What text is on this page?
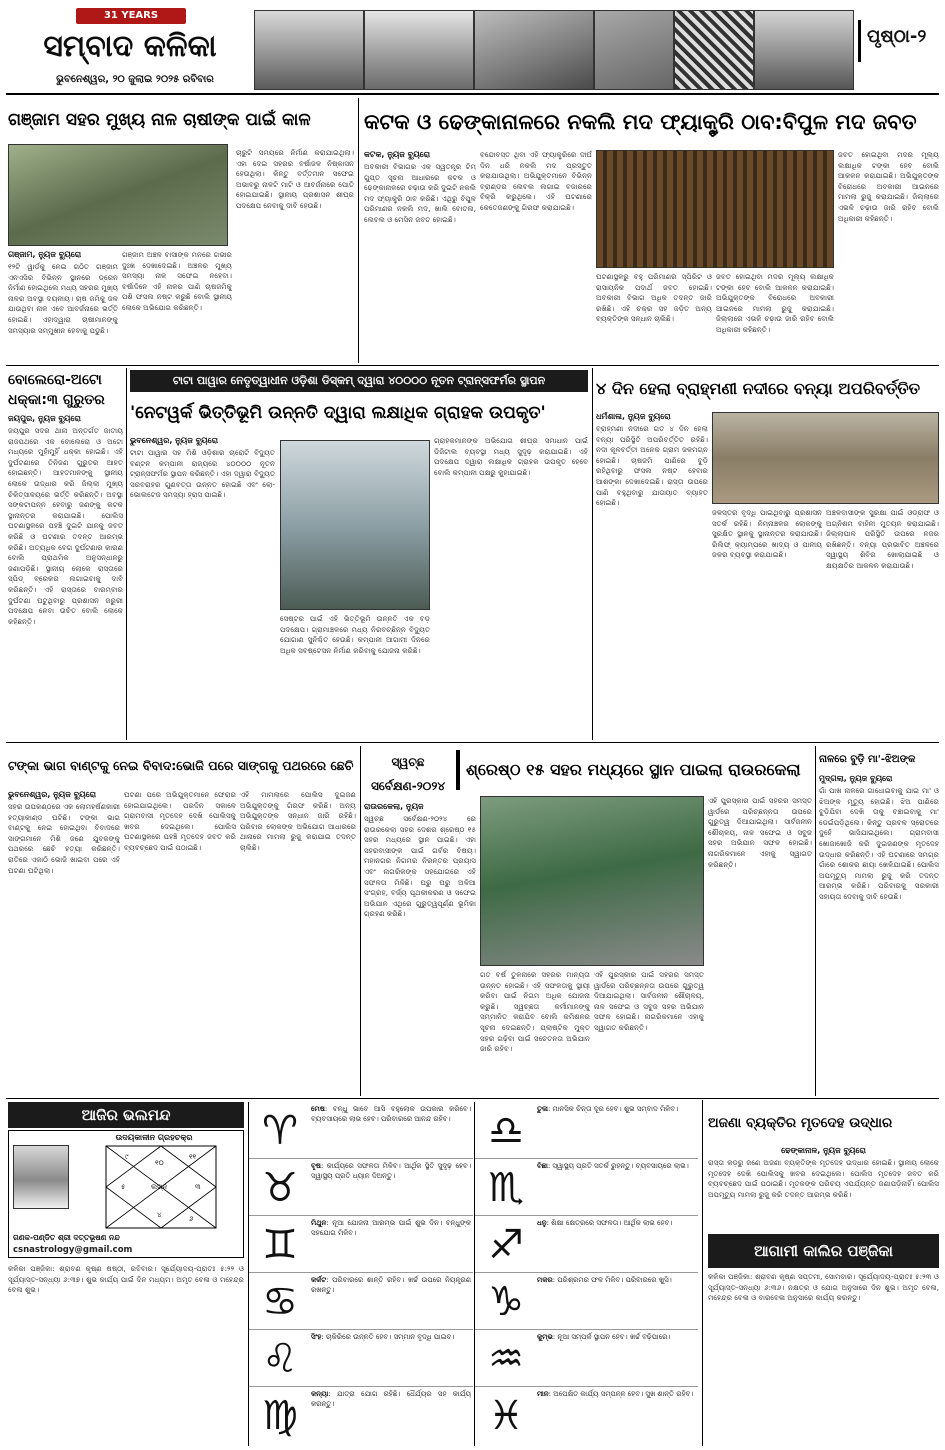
31 YEARS
ସମ୍ବାଦ କଳିକା
ଭୁବନେଶ୍ୱର, ୨୦ ଜୁଲାଇ ୨୦୨୫ ରବିବାର
ପୃଷ୍ଠା-୨
ଗଞ୍ଜାମ ସହର ମୁଖ୍ୟ ନାଳ ଚାଷୀଙ୍କ ପାଇଁ କାଳ
ଗଞ୍ଜାମ, ନ୍ୟୁଜ ବ୍ୟୁରୋ
୧୨ଟି ୱାର୍ଡକୁ ନେଇ ଗଠିତ ଗଞ୍ଜାମ ଏନଏସିର ବିଭିନ୍ନ ସ୍ଥାନରେ ଡ୍ରେନ ନିର୍ମାଣ ହୋଇଥିଲେ ମଧ୍ୟ ସହରର ମୁଖ୍ୟ ନାଳର ଅବସ୍ଥା ଦୟନୀୟ। ଚାଷ ଜମିକୁ ଜଳ ଯାଉଥିବା ନାଳ ଏବେ ଆବର୍ଜନାରେ ଭର୍ତ୍ତି ହୋଇଛି। ଏହାଦ୍ୱାରା ଚାଷୀମାନଙ୍କୁ ସମସ୍ୟାର ସମ୍ମୁଖୀନ ହେବାକୁ ପଡୁଛି।
ଗଞ୍ଜାମ ଅଞ୍ଚଳ ବାସୀଙ୍କ ମନରେ ଗଭୀର ଦୁଃଖ ଦେଖାଦେଇଛି। ଅଞ୍ଚଳର ମୁଖ୍ୟ ସମସ୍ୟା ନାଳ ସଫେଇ ନହେବା। ବର୍ଷାଦିନେ ଏହି ନାଳର ପାଣି ଚାଷଜମିକୁ ପଶି ଫସଲ ନଷ୍ଟ କରୁଛି ବୋଲି ସ୍ଥାନୀୟ ଲୋକେ ଅଭିଯୋଗ କରିଛନ୍ତି।
ଚାରୁଟି ସମୟରେ ନିର୍ମାଣ କରାଯାଇଥିଲା। ଏହା ଦେଇ ସହରର ବର୍ଷାଜଳ ନିଷ୍କାସନ ହେଉଥିଲା। କିନ୍ତୁ ବର୍ତ୍ତମାନ ସଫେଇ ଅଭାବରୁ ନାଳଟି ମାଟି ଓ ଆବର୍ଜନାରେ ପୋତି ହୋଇଯାଇଛି। ସ୍ଥାନୀୟ ପ୍ରଶାସନ ଶୀଘ୍ର ପଦକ୍ଷେପ ନେବାକୁ ଦାବି ହେଉଛି।
କଟକ ଓ ଢେଙ୍କାନାଳରେ ନକଲି ମଦ ଫ୍ୟାକ୍ଟ୍ରି ଠାବ:ବିପୁଳ ମଦ ଜବତ
କଟକ, ନ୍ୟୁଜ ବ୍ୟୁରୋ
ଅବକାରୀ ବିଭାଗର ଏକ ସ୍ୱତନ୍ତ୍ର ଟିମ୍ ଗୁପ୍ତ ସୂଚନା ଆଧାରରେ କଟକ ଓ ଢେଙ୍କାନାଳରେ ଚଢ଼ାଉ କରି ଦୁଇଟି ନକଲି ମଦ ଫ୍ୟାକ୍ଟ୍ରି ଠାବ କରିଛି। ଏଥିରୁ ବିପୁଳ ପରିମାଣର ନକଲି ମଦ, ଖାଲି ବୋତଲ, ଲେବଲ ଓ ମେସିନ ଜବତ ହୋଇଛି।
ବନ୍ଦୋବସ୍ତ ଥିବା ଏହି ଫ୍ୟାକ୍ଟ୍ରିରେ ଦୀର୍ଘ ଦିନ ଧରି ନକଲି ମଦ ପ୍ରସ୍ତୁତ କରାଯାଉଥିଲା। ଅଭିଯୁକ୍ତମାନେ ବିଭିନ୍ନ ବ୍ରାଣ୍ଡର ଲେବଲ ଲଗାଇ ବଜାରରେ ବିକ୍ରି କରୁଥିଲେ। ଏହି ଘଟଣାରେ କେତେଜଣଙ୍କୁ ଗିରଫ କରାଯାଇଛି।
ଘଟଣାସ୍ଥଳରୁ ବହୁ ପରିମାଣର ସ୍ପିରିଟ ଓ ରାସାୟନିକ ପଦାର୍ଥ ଜବତ ହୋଇଛି। ଅବକାରୀ ବିଭାଗ ଅଧିକ ତଦନ୍ତ ଜାରି ରଖିଛି। ଏହି ଚକ୍ର ସହ ଜଡ଼ିତ ଅନ୍ୟ ବ୍ୟକ୍ତିଙ୍କ ସନ୍ଧାନ ଚାଲିଛି।
ଜବତ ହୋଇଥିବା ମଦର ମୂଲ୍ୟ ଲକ୍ଷାଧିକ ଟଙ୍କା ହେବ ବୋଲି ଆକଳନ କରାଯାଇଛି। ଅଭିଯୁକ୍ତଙ୍କ ବିରୋଧରେ ଅବକାରୀ ଆଇନରେ ମାମଲା ରୁଜୁ କରାଯାଇଛି। ଜିଲ୍ଲାରେ ଏଭଳି ଚଢ଼ାଉ ଜାରି ରହିବ ବୋଲି ଅଧିକାରୀ କହିଛନ୍ତି।
ଜବତ ହୋଇଥିବା ମଦର ମୂଲ୍ୟ ଲକ୍ଷାଧିକ ଟଙ୍କା ହେବ ବୋଲି ଆକଳନ କରାଯାଇଛି। ଅଭିଯୁକ୍ତଙ୍କ ବିରୋଧରେ ଅବକାରୀ ଆଇନରେ ମାମଲା ରୁଜୁ କରାଯାଇଛି। ଜିଲ୍ଲାରେ ଏଭଳି ଚଢ଼ାଉ ଜାରି ରହିବ ବୋଲି ଅଧିକାରୀ କହିଛନ୍ତି।
ବୋଲେରୋ-ଅଟୋ ଧକ୍କା:୩ ଗୁରୁତର
ଜୟପୁର, ନ୍ୟୁଜ ବ୍ୟୁରୋ
ଜୟପୁର ସଦର ଥାନା ଅନ୍ତର୍ଗତ ଜାତୀୟ ରାଜପଥରେ ଏକ ବୋଲେରୋ ଓ ଅଟୋ ମଧ୍ୟରେ ମୁହାଁମୁହିଁ ଧକ୍କା ହୋଇଛି। ଏହି ଦୁର୍ଘଟଣାରେ ତିନିଜଣ ଗୁରୁତର ଆହତ ହୋଇଛନ୍ତି। ଆହତମାନଙ୍କୁ ସ୍ଥାନୀୟ ଲୋକେ ଉଦ୍ଧାର କରି ଜିଲ୍ଲା ମୁଖ୍ୟ ଚିକିତ୍ସାଳୟରେ ଭର୍ତ୍ତି କରିଛନ୍ତି। ଅବସ୍ଥା ସଙ୍କଟାପନ୍ନ ହେବାରୁ ଜଣଙ୍କୁ କଟକ ସ୍ଥାନାନ୍ତର କରାଯାଇଛି। ପୋଲିସ ଘଟଣାସ୍ଥଳରେ ପହଞ୍ଚି ଦୁଇଟି ଯାନକୁ ଜବତ କରିଛି ଓ ଘଟଣାର ତଦନ୍ତ ଆରମ୍ଭ କରିଛି। ଅତ୍ୟଧିକ ବେଗ ଦୁର୍ଘଟଣାର କାରଣ ବୋଲି ପ୍ରାଥମିକ ଅନୁସନ୍ଧାନରୁ ଜଣାପଡ଼ିଛି। ସ୍ଥାନୀୟ ଲୋକେ ରାସ୍ତାରେ ସ୍ପିଡ୍ ବ୍ରେକର ଲଗାଇବାକୁ ଦାବି କରିଛନ୍ତି। ଏହି ରାସ୍ତାରେ ବାରମ୍ବାର ଦୁର୍ଘଟଣା ଘଟୁଥିବାରୁ ପ୍ରଶାସନ ଜରୁରୀ ପଦକ୍ଷେପ ନେବା ଉଚିତ ବୋଲି ଲୋକେ କହିଛନ୍ତି।
ଟାଟା ପାୱାର ନେତୃତ୍ୱାଧୀନ ଓଡ଼ିଶା ଡିସ୍କମ୍ ଦ୍ୱାରା ୪୦୦୦୦ ନୂତନ ଟ୍ରାନ୍ସଫର୍ମର ସ୍ଥାପନ
'ନେଟୱର୍କ ଭିତ୍ତିଭୂମି ଉନ୍ନତି ଦ୍ୱାରା ଲକ୍ଷାଧିକ ଗ୍ରାହକ ଉପକୃତ'
ଭୁବନେଶ୍ୱର, ନ୍ୟୁଜ ବ୍ୟୁରୋ
ଟାଟା ପାୱାର ସହ ମିଶି ଓଡ଼ିଶାର ଚାରୋଟି ବିଦ୍ୟୁତ ବଣ୍ଟନ କମ୍ପାନୀ ରାଜ୍ୟରେ ୪୦୦୦୦ ନୂତନ ଟ୍ରାନ୍ସଫର୍ମର ସ୍ଥାପନ କରିଛନ୍ତି। ଏହା ଦ୍ୱାରା ବିଦ୍ୟୁତ ସରବରାହର ଗୁଣବତ୍ତା ଉନ୍ନତ ହୋଇଛି ଏବଂ ଲୋ-ଭୋଲଟେଜ ସମସ୍ୟା ହ୍ରାସ ପାଇଛି।
ସେଷ୍ଟର ପାଇଁ ଏହି ଭିତ୍ତିଭୂମି ଉନ୍ନତି ଏକ ବଡ଼ ପଦକ୍ଷେପ। ଗ୍ରାମାଞ୍ଚଳରେ ମଧ୍ୟ ନିରବଚ୍ଛିନ୍ନ ବିଦ୍ୟୁତ ଯୋଗାଣ ସୁନିଶ୍ଚିତ ହେଉଛି। କମ୍ପାନୀ ଆଗାମୀ ଦିନରେ ଅଧିକ ସବଷ୍ଟେସନ ନିର୍ମାଣ କରିବାକୁ ଯୋଜନା କରିଛି।
ଗ୍ରାହକମାନଙ୍କ ଅଭିଯୋଗ ଶୀଘ୍ର ସମାଧାନ ପାଇଁ ଡିଜିଟାଲ ବ୍ୟବସ୍ଥା ମଧ୍ୟ ସୁଦୃଢ଼ କରାଯାଇଛି। ଏହି ପଦକ୍ଷେପ ଦ୍ୱାରା ଲକ୍ଷାଧିକ ଗ୍ରାହକ ଉପକୃତ ହେବେ ବୋଲି କମ୍ପାନୀ ପକ୍ଷରୁ କୁହାଯାଇଛି।
୪ ଦିନ ହେଲା ବ୍ରାହ୍ମଣୀ ନଦୀରେ ବନ୍ୟା ଅପରିବର୍ତ୍ତିତ
ଧର୍ମଶାଳା, ନ୍ୟୁଜ ବ୍ୟୁରୋ
ବ୍ରାହ୍ମଣୀ ନଦୀରେ ଗତ ୪ ଦିନ ହେଲା ବନ୍ୟା ପରିସ୍ଥିତି ଅପରିବର୍ତ୍ତିତ ରହିଛି। ନଦୀ କୂଳବର୍ତ୍ତୀ ଅନେକ ଗ୍ରାମ ଜଳମଗ୍ନ ହୋଇଛି। ଚାଷଜମି ପାଣିରେ ବୁଡ଼ି ରହିଥିବାରୁ ଫସଲ ନଷ୍ଟ ହେବାର ଆଶଙ୍କା ଦେଖାଦେଇଛି। ରାସ୍ତା ଉପରେ ପାଣି ବହୁଥିବାରୁ ଯାତାୟାତ ବ୍ୟାହତ ହୋଇଛି।
ଜଳସ୍ତର ବୃଦ୍ଧି ପାଇଥିବାରୁ ପ୍ରଶାସନ ସତର୍କ ରହିଛି। ନିମ୍ନାଞ୍ଚଳର ଲୋକଙ୍କୁ ସୁରକ୍ଷିତ ସ୍ଥାନକୁ ସ୍ଥାନାନ୍ତର କରାଯାଉଛି। ରିଲିଫ୍ କ୍ୟାମ୍ପରେ ଖାଦ୍ୟ ଓ ପାନୀୟ ଜଳର ବ୍ୟବସ୍ଥା କରାଯାଇଛି।
ଅଞ୍ଚଳବାସୀଙ୍କ ସୁରକ୍ଷା ପାଇଁ ଓଡ୍ରାଫ ଓ ଅଗ୍ନିଶମ ବାହିନୀ ମୁତୟନ କରାଯାଇଛି। ଜିଲ୍ଲାପାଳ ପରିସ୍ଥିତି ଉପରେ ନଜର ରଖିଛନ୍ତି। ବନ୍ୟା ପ୍ରଭାବିତ ଅଞ୍ଚଳରେ ସ୍ୱାସ୍ଥ୍ୟ ଶିବିର ଖୋଲାଯାଇଛି ଓ କ୍ଷୟକ୍ଷତିର ଆକଳନ କରାଯାଉଛି।
ଟଙ୍କା ଭାଗ ବାଣ୍ଟକୁ ନେଇ ବିବାଦ:ଭୋଜି ପରେ ସାଙ୍ଗକୁ ପଥରରେ ଛେଚି
ଭୁବନେଶ୍ୱର, ନ୍ୟୁଜ ବ୍ୟୁରୋ
ସହର ଉପକଣ୍ଠରେ ଏକ ଲୋମହର୍ଷଣକାରୀ ହତ୍ୟାକାଣ୍ଡ ଘଟିଛି। ଟଙ୍କା ଭାଗ ବାଣ୍ଟକୁ ନେଇ ହୋଇଥିବା ବିବାଦରେ ସାଙ୍ଗମାନେ ମିଶି ଜଣେ ଯୁବକଙ୍କୁ ପଥରରେ ଛେଚି ହତ୍ୟା କରିଛନ୍ତି। ରାତିରେ ଏକାଠି ଭୋଜି ଖାଇବା ପରେ ଏହି ଘଟଣା ଘଟିଥିଲା।
ଘଟଣା ପରେ ଅଭିଯୁକ୍ତମାନେ ଫେରାର ହୋଇଯାଇଥିଲେ। ପରଦିନ ସକାଳେ ଗ୍ରାମବାସୀ ମୃତଦେହ ଦେଖି ପୋଲିସକୁ ଖବର ଦେଇଥିଲେ। ପୋଲିସ ଘଟଣାସ୍ଥଳରେ ପହଞ୍ଚି ମୃତଦେହ ଜବତ କରି ବ୍ୟବଚ୍ଛେଦ ପାଇଁ ପଠାଇଛି।
ଏହି ମାମଲାରେ ପୋଲିସ ଦୁଇଜଣ ଅଭିଯୁକ୍ତଙ୍କୁ ଗିରଫ କରିଛି। ଅନ୍ୟ ଅଭିଯୁକ୍ତଙ୍କ ସନ୍ଧାନ ଜାରି ରହିଛି। ପରିବାର ଲୋକଙ୍କ ଅଭିଯୋଗ ଆଧାରରେ ଥାନାରେ ମାମଲା ରୁଜୁ କରାଯାଇ ତଦନ୍ତ ଚାଲିଛି।
ସ୍ୱଚ୍ଛ ସର୍ବେକ୍ଷଣ-୨୦୨୪
ଶ୍ରେଷ୍ଠ ୧୫ ସହର ମଧ୍ୟରେ ସ୍ଥାନ ପାଇଲା ରାଉରକେଲା
ରାଉରକେଲା, ନ୍ୟୁଜ
ସ୍ୱଚ୍ଛ ସର୍ବେକ୍ଷଣ-୨୦୨୪ ରେ ରାଉରକେଲା ସହର ଦେଶର ଶ୍ରେଷ୍ଠ ୧୫ ସହର ମଧ୍ୟରେ ସ୍ଥାନ ପାଇଛି। ଏହା ସହରବାସୀଙ୍କ ପାଇଁ ଗର୍ବର ବିଷୟ। ମହାନଗର ନିଗମର ନିରନ୍ତର ପ୍ରୟାସ ଏବଂ ନାଗରିକଙ୍କ ସହଯୋଗରେ ଏହି ସଫଳତା ମିଳିଛି। ଘରୁ ଘରୁ ଅଳିଆ ସଂଗ୍ରହ, ବର୍ଜ୍ୟ ପୃଥକୀକରଣ ଓ ସଫେଇ ଅଭିଯାନ ଏଥିରେ ଗୁରୁତ୍ୱପୂର୍ଣ୍ଣ ଭୂମିକା ଗ୍ରହଣ କରିଛି।
ଗତ ବର୍ଷ ତୁଳନାରେ ସହରର ମାନ୍ୟତା ଉନ୍ନତ ହୋଇଛି। ଏହି ସଫଳତାକୁ ସ୍ଥାୟୀ କରିବା ପାଇଁ ନିଗମ ଅଧିକ ଯୋଜନା କରୁଛି। ସ୍ୱଚ୍ଛତା କର୍ମୀମାନଙ୍କୁ ସମ୍ମାନିତ କରାଯିବ ବୋଲି କମିଶନର ସୂଚନା ଦେଇଛନ୍ତି। ପ୍ଲାଷ୍ଟିକ ମୁକ୍ତ ସହର ଗଢ଼ିବା ପାଇଁ ସଚେତନତା ଅଭିଯାନ ଜାରି ରହିବ।
ଏହି ପୁରସ୍କାର ପାଇଁ ସହରର ସମସ୍ତ ୱାର୍ଡରେ ପରିଚ୍ଛନ୍ନତା ଉପରେ ଗୁରୁତ୍ୱ ଦିଆଯାଇଥିଲା। ସାର୍ବଜନୀନ ଶୌଚାଳୟ, ନାଳ ସଫେଇ ଓ ସବୁଜ ସହର ଅଭିଯାନ ସଫଳ ହୋଇଛି। ନାଗରିକମାନେ ଏହାକୁ ସ୍ୱାଗତ କରିଛନ୍ତି।
ଏହି ପୁରସ୍କାର ପାଇଁ ସହରର ସମସ୍ତ ୱାର୍ଡରେ ପରିଚ୍ଛନ୍ନତା ଉପରେ ଗୁରୁତ୍ୱ ଦିଆଯାଇଥିଲା। ସାର୍ବଜନୀନ ଶୌଚାଳୟ, ନାଳ ସଫେଇ ଓ ସବୁଜ ସହର ଅଭିଯାନ ସଫଳ ହୋଇଛି। ନାଗରିକମାନେ ଏହାକୁ ସ୍ୱାଗତ କରିଛନ୍ତି।
ନାଳରେ ବୁଡ଼ି ମା'-ଝିଅଙ୍କ
ମୁଦ୍‌ଗଲା, ନ୍ୟୁଜ ବ୍ୟୁରୋ
ଗାଁ ପାଖ ନାଳରେ ଗାଧୋଇବାକୁ ଯାଇ ମା' ଓ ଝିଅଙ୍କ ମୃତ୍ୟୁ ହୋଇଛି। ଝିଅ ପାଣିରେ ବୁଡ଼ିଯିବା ଦେଖି ତାକୁ ବଞ୍ଚାଇବାକୁ ମା' ଡେଇଁପଡ଼ିଥିଲେ। କିନ୍ତୁ ପ୍ରବଳ ସ୍ରୋତରେ ଦୁହେଁ ଭାସିଯାଇଥିଲେ। ଗ୍ରାମବାସୀ ଖୋଜାଖୋଜି କରି ଦୁଇଜଣଙ୍କ ମୃତଦେହ ଉଦ୍ଧାର କରିଛନ୍ତି। ଏହି ଘଟଣାରେ ସମଗ୍ର ଗାଁରେ ଶୋକର ଛାୟା ଖେଳିଯାଇଛି। ପୋଲିସ ଅପମୃତ୍ୟୁ ମାମଲା ରୁଜୁ କରି ତଦନ୍ତ ଆରମ୍ଭ କରିଛି। ପରିବାରକୁ ସରକାରୀ ସହାୟତା ଦେବାକୁ ଦାବି ହେଉଛି।
ଆଜିର ଭଲମନ୍ଦ
ଉଦୟକାଳୀନ ଗ୍ରହଚକ୍ର
୧୦
୧୧
୯
ଲଗ୍ନ	୩
୫
୪	୬
ଗଣକ-ପଣ୍ଡିତ ଶ୍ରୀ ଦତ୍ତଭୂଷଣ ନନ୍ଦ
csnastrology@gmail.com
କଳିକା ପଞ୍ଜିକା: ଶ୍ରାବଣ କୃଷ୍ଣ ଷଷ୍ଠୀ, ରବିବାର। ସୂର୍ଯ୍ୟୋଦୟ-ପ୍ରାତଃ ୫:୨୨ ଓ ସୂର୍ଯ୍ୟାସ୍ତ-ସନ୍ଧ୍ୟା ୬:୩୭। ଶୁଭ କାର୍ଯ୍ୟ ପାଇଁ ଦିନ ମଧ୍ୟମ। ଅମୃତ ବେଳା ଓ ମହେନ୍ଦ୍ର ବେଳା ଶୁଭ।
♈ ମେଷ: ବନ୍ଧୁ ଭାବେ ଆସି ବହୁଲୋକ ଉପକାର କରିବେ। ବ୍ୟବସାୟରେ ଲାଭ ହେବ। ପରିବାରରେ ଆନନ୍ଦ ରହିବ।
♉ ବୃଷ: କାର୍ଯ୍ୟରେ ସଫଳତା ମିଳିବ। ଆର୍ଥିକ ସ୍ଥିତି ସୁଦୃଢ଼ ହେବ। ସ୍ୱାସ୍ଥ୍ୟ ପ୍ରତି ଧ୍ୟାନ ଦିଅନ୍ତୁ।
♊ ମିଥୁନ: ନୂଆ ଯୋଜନା ଆରମ୍ଭ ପାଇଁ ଶୁଭ ଦିନ। ବନ୍ଧୁଙ୍କ ସହଯୋଗ ମିଳିବ।
♋ କର୍କଟ: ପରିବାରରେ ଶାନ୍ତି ରହିବ। ଖର୍ଚ୍ଚ ଉପରେ ନିୟନ୍ତ୍ରଣ ରଖନ୍ତୁ।
♌ ସିଂହ: ଚାକିରିରେ ଉନ୍ନତି ହେବ। ସମ୍ମାନ ବୃଦ୍ଧି ପାଇବ।
♍ କନ୍ୟା: ଯାତ୍ରା ଯୋଗ ରହିଛି। ଧୈର୍ଯ୍ୟର ସହ କାର୍ଯ୍ୟ କରନ୍ତୁ।
♎ ତୁଳା: ମାନସିକ ଚିନ୍ତା ଦୂର ହେବ। ଶୁଭ ସମ୍ବାଦ ମିଳିବ।
♏ ବିଛା: ସ୍ୱାସ୍ଥ୍ୟ ପ୍ରତି ସତର୍କ ରୁହନ୍ତୁ। ବ୍ୟବସାୟରେ ଲାଭ।
♐ ଧନୁ: ଶିକ୍ଷା କ୍ଷେତ୍ରରେ ସଫଳତା। ଆର୍ଥିକ ଲାଭ ହେବ।
♑ ମକର: ପରିଶ୍ରମର ଫଳ ମିଳିବ। ପରିବାରରେ ଖୁସି।
♒ କୁମ୍ଭ: ନୂଆ ସମ୍ପର୍କ ସ୍ଥାପନ ହେବ। ଖର୍ଚ୍ଚ ବଢ଼ିପାରେ।
♓ ମୀନ: ଅପେକ୍ଷିତ କାର୍ଯ୍ୟ ସମ୍ପନ୍ନ ହେବ। ସୁଖ ଶାନ୍ତି ରହିବ।
ଅଜଣା ବ୍ୟକ୍ତିର ମୃତଦେହ ଉଦ୍ଧାର
ଢେଙ୍କାନାଳ, ନ୍ୟୁଜ ବ୍ୟୁରୋ
ରାସ୍ତା କଡ଼ରୁ ଜଣେ ଅଜଣା ବ୍ୟକ୍ତିଙ୍କ ମୃତଦେହ ଉଦ୍ଧାର ହୋଇଛି। ସ୍ଥାନୀୟ ଲୋକେ ମୃତଦେହ ଦେଖି ପୋଲିସକୁ ଖବର ଦେଇଥିଲେ। ପୋଲିସ ମୃତଦେହ ଜବତ କରି ବ୍ୟବଚ୍ଛେଦ ପାଇଁ ପଠାଇଛି। ମୃତକଙ୍କ ପରିଚୟ ଏପର୍ଯ୍ୟନ୍ତ ଜଣାପଡ଼ିନାହିଁ। ପୋଲିସ ଅପମୃତ୍ୟୁ ମାମଲା ରୁଜୁ କରି ତଦନ୍ତ ଆରମ୍ଭ କରିଛି।
ଆଗାମୀ କାଲିର ପଞ୍ଜିକା
କଳିକା ପଞ୍ଜିକା: ଶ୍ରାବଣ କୃଷ୍ଣ ସପ୍ତମୀ, ସୋମବାର। ସୂର୍ଯ୍ୟୋଦୟ-ପ୍ରାତଃ ୫:୨୩ ଓ ସୂର୍ଯ୍ୟାସ୍ତ-ସନ୍ଧ୍ୟା ୬:୩୬। ନକ୍ଷତ୍ର ଓ ଯୋଗ ଅନୁସାରେ ଦିନ ଶୁଭ। ଅମୃତ ବେଳା, ମହେନ୍ଦ୍ର ବେଳା ଓ ବାରବେଳା ଅନୁସାରେ କାର୍ଯ୍ୟ କରନ୍ତୁ।
